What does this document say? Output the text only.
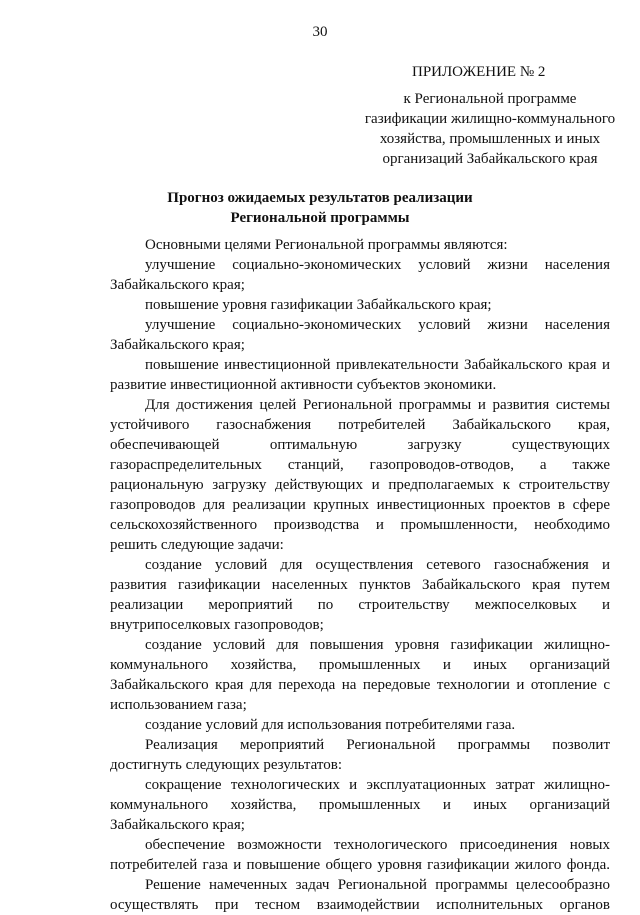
30
ПРИЛОЖЕНИЕ № 2
к Региональной программе
газификации жилищно-коммунального
хозяйства, промышленных и иных
организаций Забайкальского края
Прогноз ожидаемых результатов реализации
Региональной программы
Основными целями Региональной программы являются:
улучшение социально-экономических условий жизни населения
Забайкальского края;
повышение уровня газификации Забайкальского края;
улучшение социально-экономических условий жизни населения
Забайкальского края;
повышение инвестиционной привлекательности Забайкальского края и
развитие инвестиционной активности субъектов экономики.
Для достижения целей Региональной программы и развития системы
устойчивого газоснабжения потребителей Забайкальского края,
обеспечивающей оптимальную загрузку существующих
газораспределительных станций, газопроводов-отводов, а также
рациональную загрузку действующих и предполагаемых к строительству
газопроводов для реализации крупных инвестиционных проектов в сфере
сельскохозяйственного производства и промышленности, необходимо
решить следующие задачи:
создание условий для осуществления сетевого газоснабжения и
развития газификации населенных пунктов Забайкальского края путем
реализации мероприятий по строительству межпоселковых и
внутрипоселковых газопроводов;
создание условий для повышения уровня газификации жилищно-
коммунального хозяйства, промышленных и иных организаций
Забайкальского края для перехода на передовые технологии и отопление с
использованием газа;
создание условий для использования потребителями газа.
Реализация мероприятий Региональной программы позволит
достигнуть следующих результатов:
сокращение технологических и эксплуатационных затрат жилищно-
коммунального хозяйства, промышленных и иных организаций
Забайкальского края;
обеспечение возможности технологического присоединения новых
потребителей газа и повышение общего уровня газификации жилого фонда.
Решение намеченных задач Региональной программы целесообразно
осуществлять при тесном взаимодействии исполнительных органов
